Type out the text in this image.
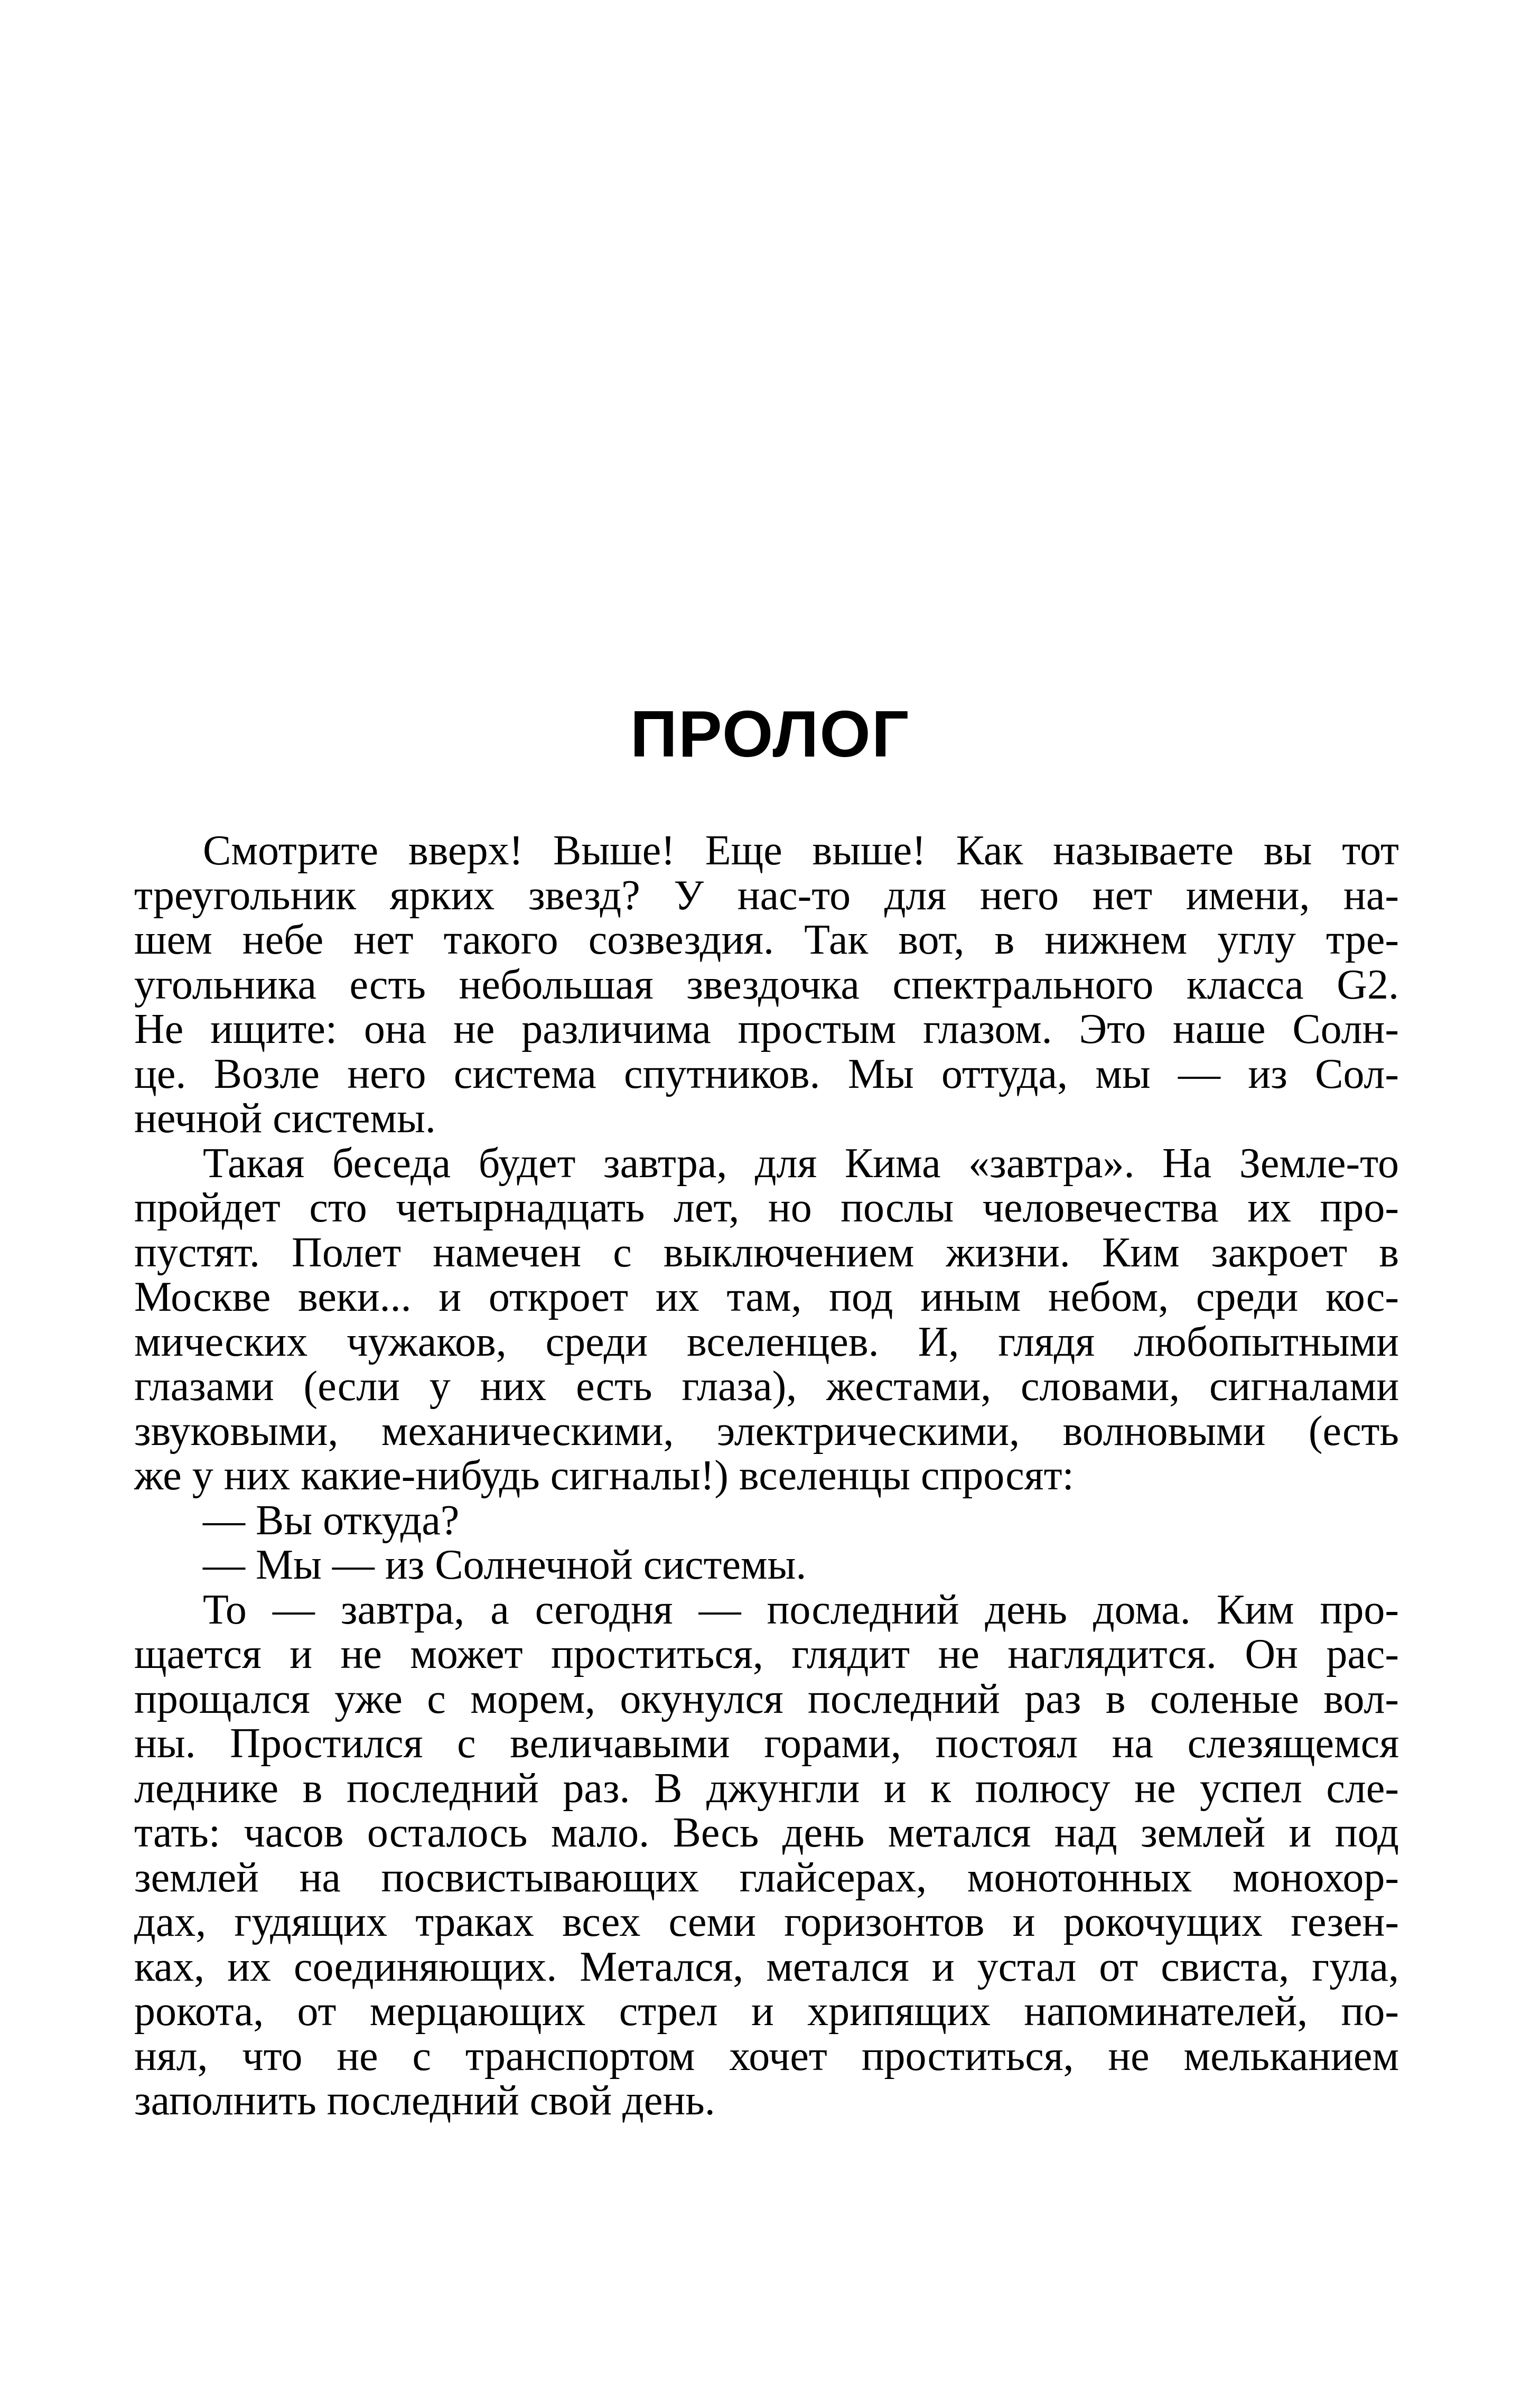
ПРОЛОГ
Смотрите вверх! Выше! Еще выше! Как называете вы тот
треугольник ярких звезд? У нас-то для него нет имени, на-
шем небе нет такого созвездия. Так вот, в нижнем углу тре-
угольника есть небольшая звездочка спектрального класса G2.
Не ищите: она не различима простым глазом. Это наше Солн-
це. Возле него система спутников. Мы оттуда, мы — из Сол-
нечной системы.
Такая беседа будет завтра, для Кима «завтра». На Земле-то
пройдет сто четырнадцать лет, но послы человечества их про-
пустят. Полет намечен с выключением жизни. Ким закроет в
Москве веки... и откроет их там, под иным небом, среди кос-
мических чужаков, среди вселенцев. И, глядя любопытными
глазами (если у них есть глаза), жестами, словами, сигналами
звуковыми, механическими, электрическими, волновыми (есть
же у них какие-нибудь сигналы!) вселенцы спросят:
— Вы откуда?
— Мы — из Солнечной системы.
То — завтра, а сегодня — последний день дома. Ким про-
щается и не может проститься, глядит не наглядится. Он рас-
прощался уже с морем, окунулся последний раз в соленые вол-
ны. Простился с величавыми горами, постоял на слезящемся
леднике в последний раз. В джунгли и к полюсу не успел сле-
тать: часов осталось мало. Весь день метался над землей и под
землей на посвистывающих глайсерах, монотонных монохор-
дах, гудящих траках всех семи горизонтов и рокочущих гезен-
ках, их соединяющих. Метался, метался и устал от свиста, гула,
рокота, от мерцающих стрел и хрипящих напоминателей, по-
нял, что не с транспортом хочет проститься, не мельканием
заполнить последний свой день.
